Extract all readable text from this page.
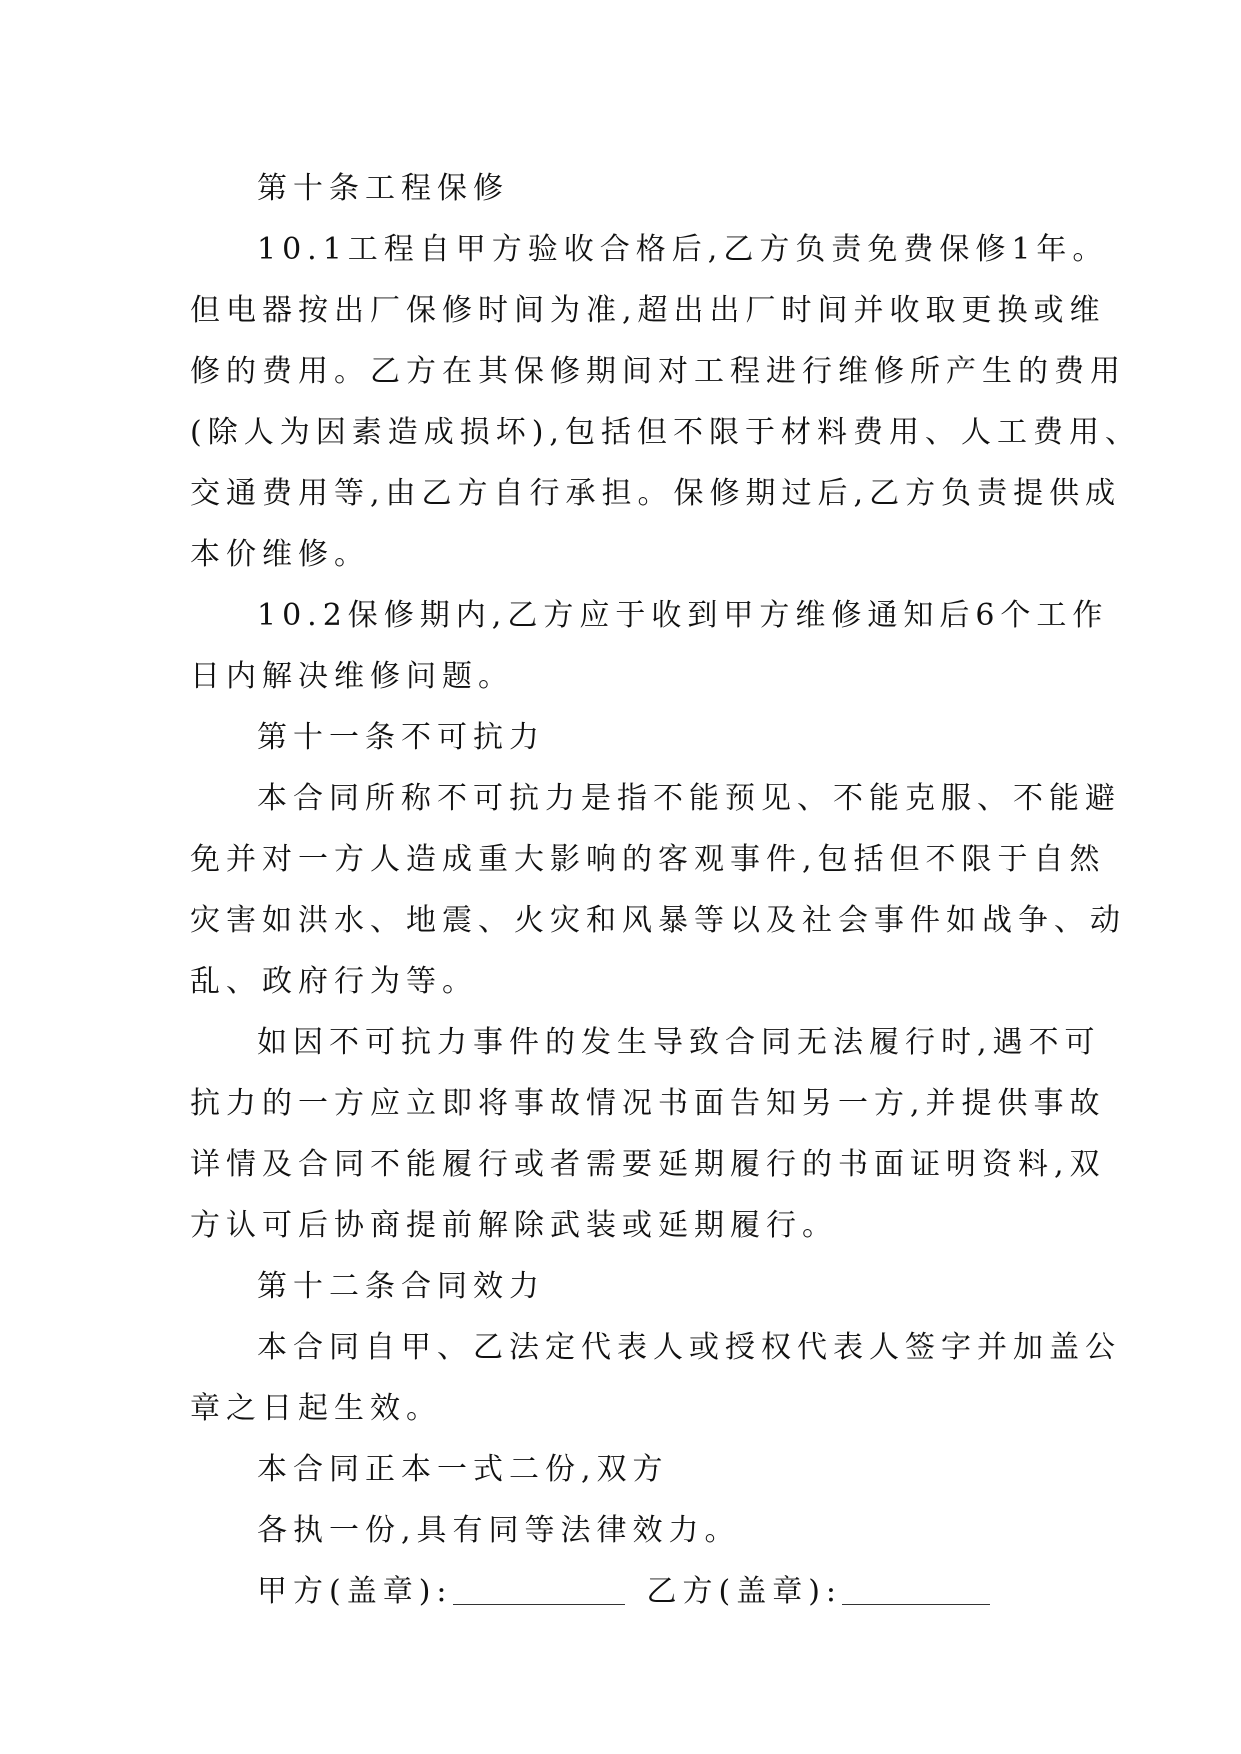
第十条工程保修
10.1工程自甲方验收合格后,乙方负责免费保修1年。
但电器按出厂保修时间为准,超出出厂时间并收取更换或维
修的费用。乙方在其保修期间对工程进行维修所产生的费用
(除人为因素造成损坏),包括但不限于材料费用、人工费用、
交通费用等,由乙方自行承担。保修期过后,乙方负责提供成
本价维修。
10.2保修期内,乙方应于收到甲方维修通知后6个工作
日内解决维修问题。
第十一条不可抗力
本合同所称不可抗力是指不能预见、不能克服、不能避
免并对一方人造成重大影响的客观事件,包括但不限于自然
灾害如洪水、地震、火灾和风暴等以及社会事件如战争、动
乱、政府行为等。
如因不可抗力事件的发生导致合同无法履行时,遇不可
抗力的一方应立即将事故情况书面告知另一方,并提供事故
详情及合同不能履行或者需要延期履行的书面证明资料,双
方认可后协商提前解除武装或延期履行。
第十二条合同效力
本合同自甲、乙法定代表人或授权代表人签字并加盖公
章之日起生效。
本合同正本一式二份,双方
各执一份,具有同等法律效力。
甲方(盖章):	乙方(盖章):
